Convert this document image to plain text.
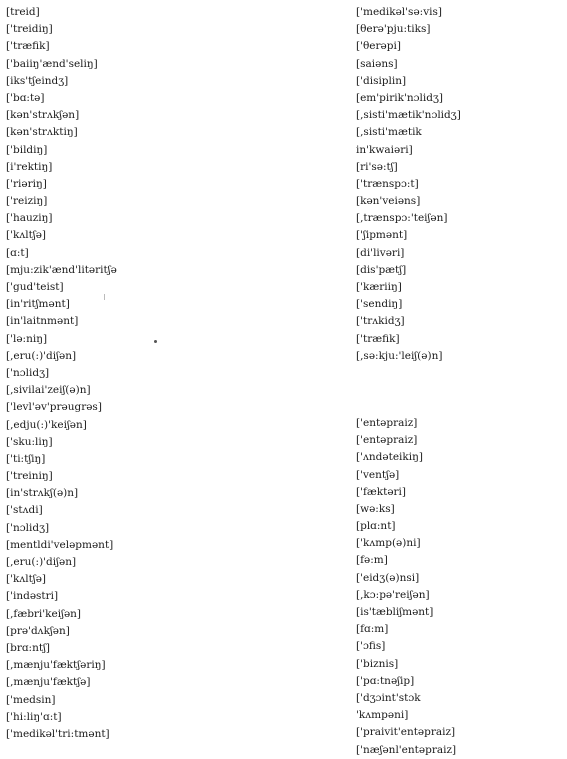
[treid]
['treidiŋ]
['træfik]
['baiiŋ'ænd'seliŋ]
[iks'tʃeindʒ]
['bɑ:tə]
[kən'strʌkʃən]
[kən'strʌktiŋ]
['bildiŋ]
[i'rektiŋ]
['riəriŋ]
['reiziŋ]
['hauziŋ]
['kʌltʃə]
[ɑ:t]
[mju:zik'ænd'litəritʃə
['gud'teist]
[in'ritʃmənt]
[in'laitnmənt]
['lə:niŋ]
[,eru(:)'diʃən]
['nɔlidʒ]
[,sivilai'zeiʃ(ə)n]
['levl'əv'prəugrəs]
[,edju(:)'keiʃən]
['sku:liŋ]
['ti:tʃiŋ]
['treiniŋ]
[in'strʌkʃ(ə)n]
['stʌdi]
['nɔlidʒ]
[mentldi'veləpmənt]
[,eru(:)'diʃən]
['kʌltʃə]
['indəstri]
[,fæbri'keiʃən]
[prə'dʌkʃən]
[brɑ:ntʃ]
[,mænju'fæktʃəriŋ]
[,mænju'fæktʃə]
['medsin]
['hi:liŋ'ɑ:t]
['medikəl'tri:tmənt]
['medikəl'sə:vis]
[θerə'pju:tiks]
['θerəpi]
[saiəns]
['disiplin]
[em'pirik'nɔlidʒ]
[,sisti'mætik'nɔlidʒ]
[,sisti'mætik
in'kwaiəri]
[ri'sə:tʃ]
['trænspɔ:t]
[kən'veiəns]
[,trænspɔ:'teiʃən]
['ʃipmənt]
[di'livəri]
[dis'pætʃ]
['kæriiŋ]
['sendiŋ]
['trʌkidʒ]
['træfik]
[,sə:kju:'leiʃ(ə)n]
['entəpraiz]
['entəpraiz]
['ʌndəteikiŋ]
['ventʃə]
['fæktəri]
[wə:ks]
[plɑ:nt]
['kʌmp(ə)ni]
[fə:m]
['eidʒ(ə)nsi]
[,kɔ:pə'reiʃən]
[is'tæbliʃmənt]
[fɑ:m]
['ɔfis]
['biznis]
['pɑ:tnəʃip]
['dʒɔint'stɔk
'kʌmpəni]
['praivit'entəpraiz]
['næʃənl'entəpraiz]
